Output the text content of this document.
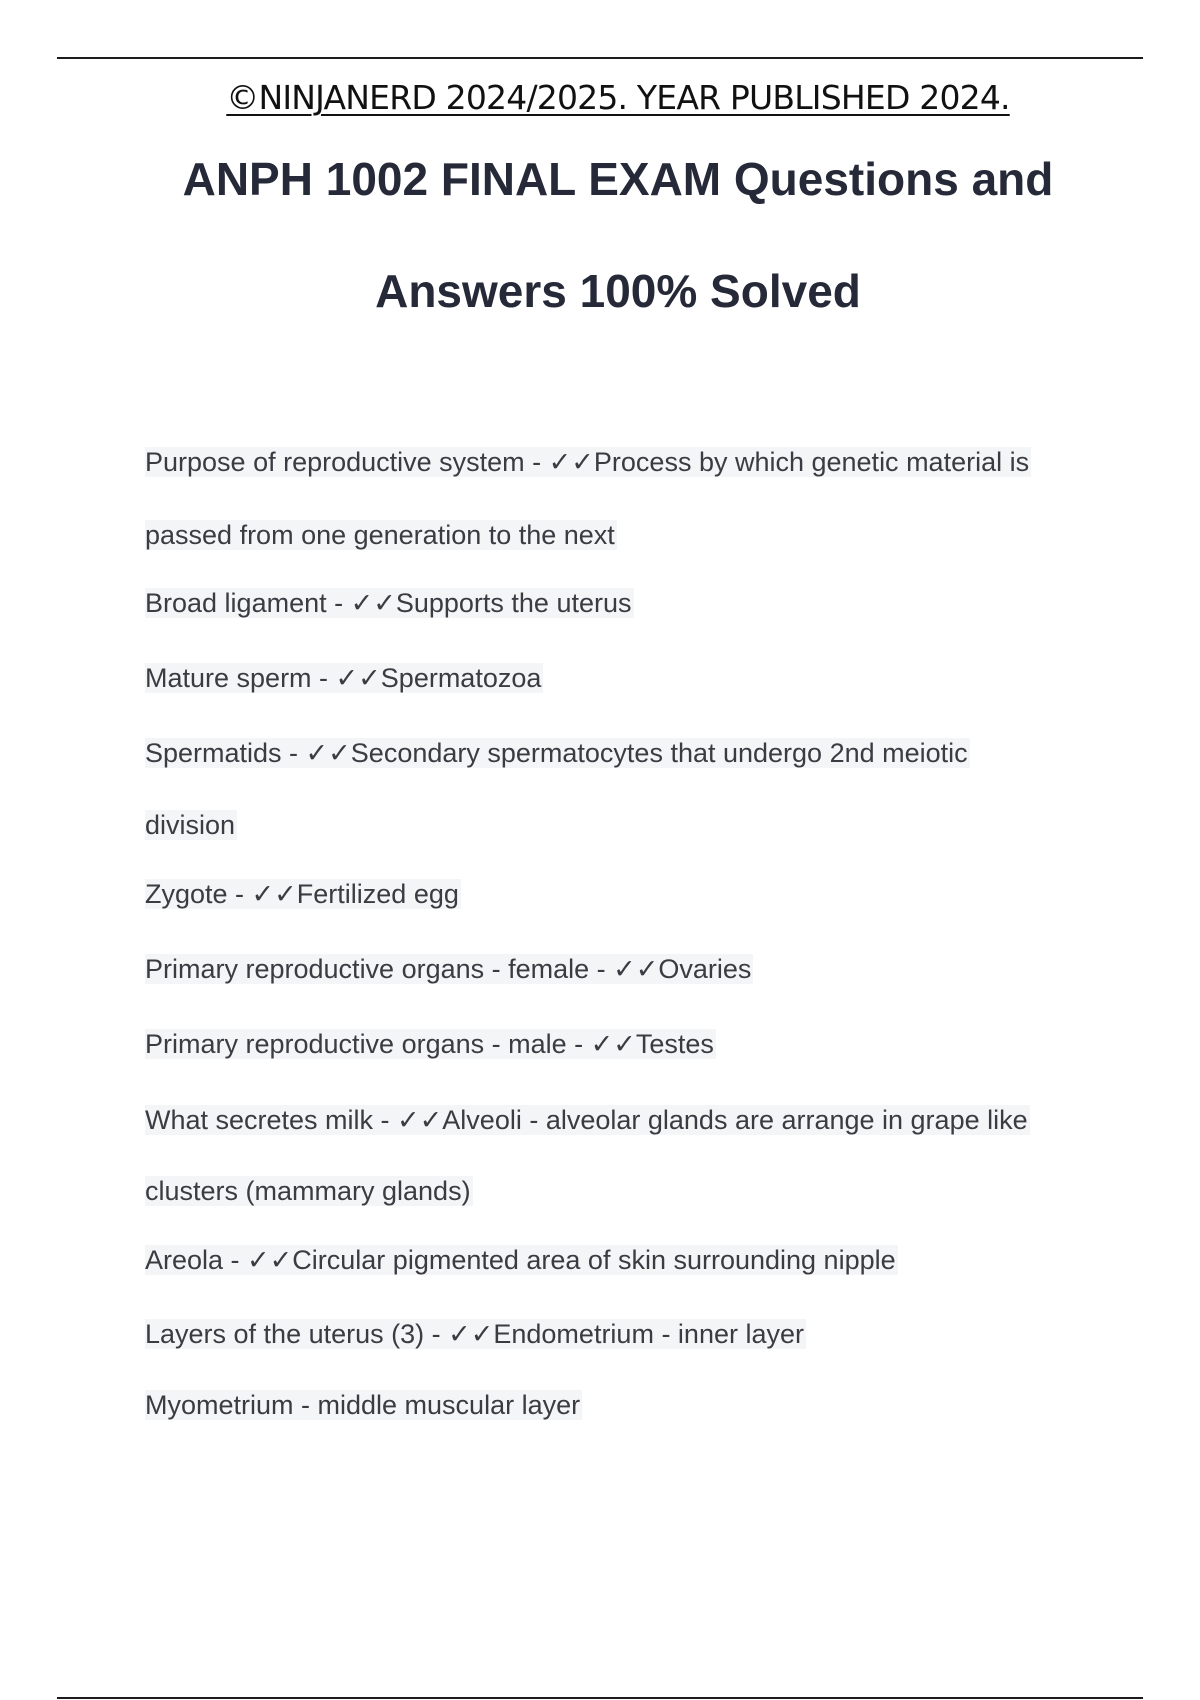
©NINJANERD 2024/2025. YEAR PUBLISHED 2024.
ANPH 1002 FINAL EXAM Questions and
Answers 100% Solved
Purpose of reproductive system - ✓✓Process by which genetic material is
passed from one generation to the next
Broad ligament - ✓✓Supports the uterus
Mature sperm - ✓✓Spermatozoa
Spermatids - ✓✓Secondary spermatocytes that undergo 2nd meiotic
division
Zygote - ✓✓Fertilized egg
Primary reproductive organs - female - ✓✓Ovaries
Primary reproductive organs - male - ✓✓Testes
What secretes milk - ✓✓Alveoli - alveolar glands are arrange in grape like
clusters (mammary glands)
Areola - ✓✓Circular pigmented area of skin surrounding nipple
Layers of the uterus (3) - ✓✓Endometrium - inner layer
Myometrium - middle muscular layer
